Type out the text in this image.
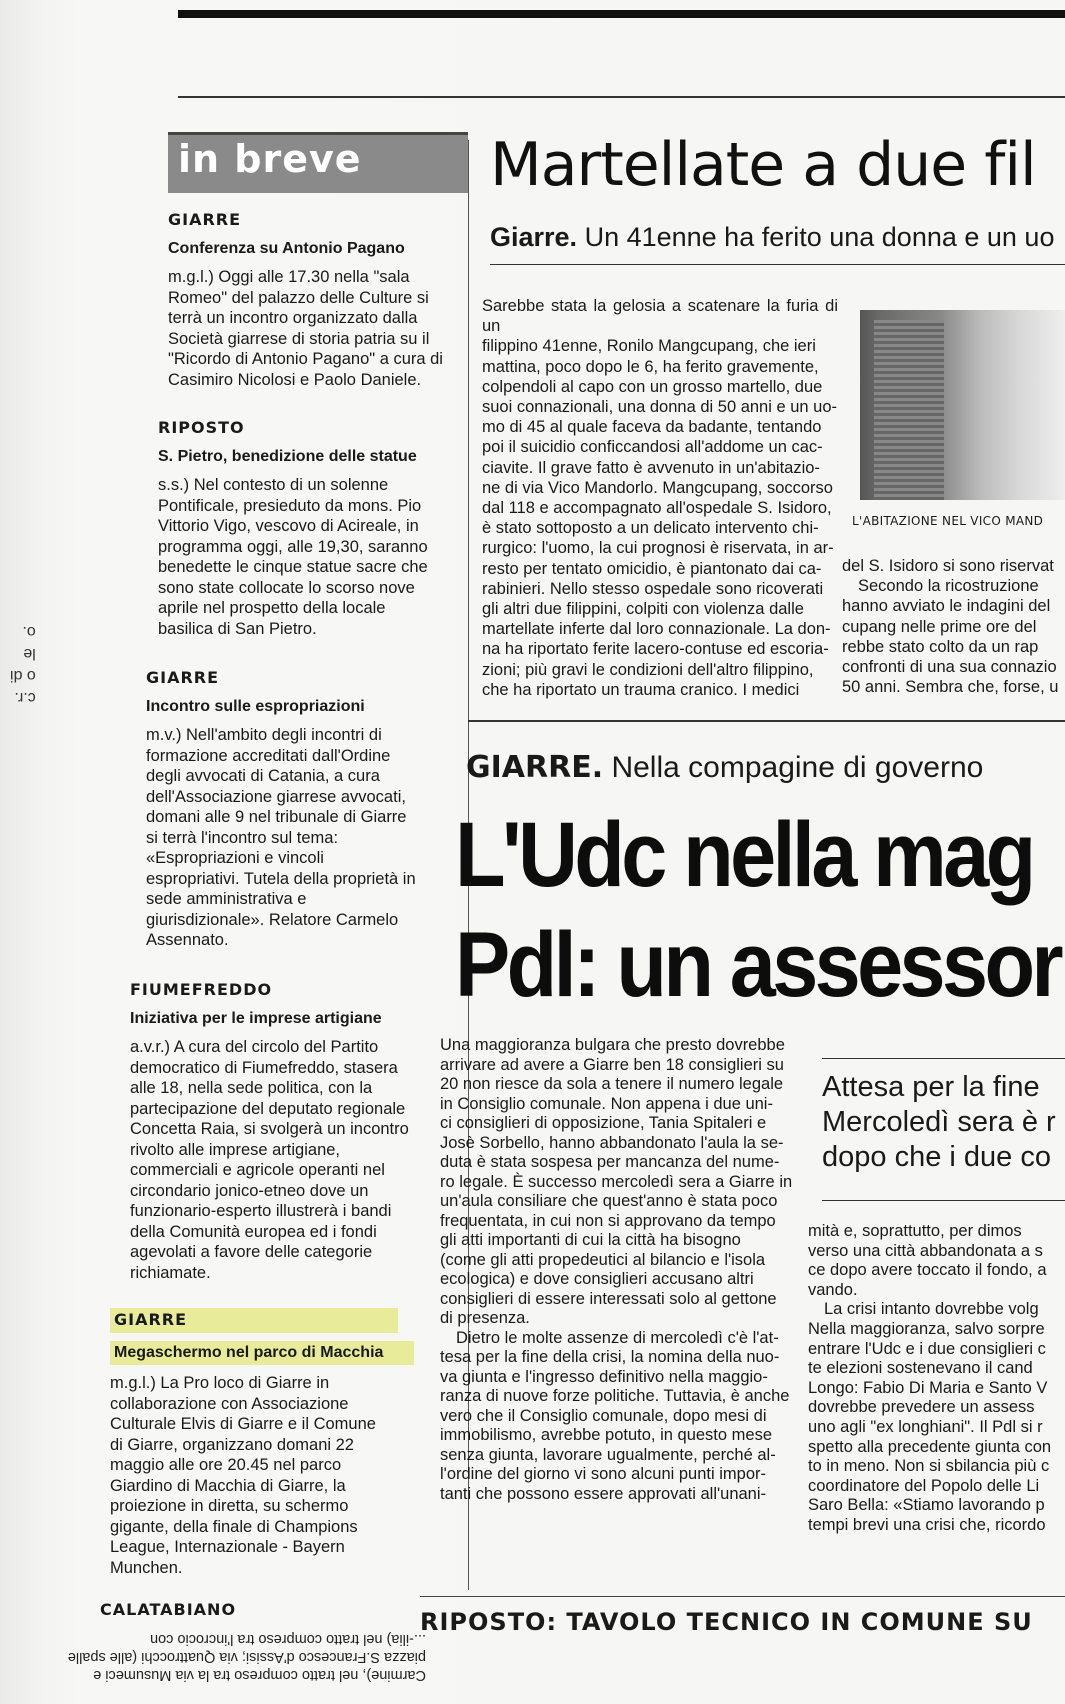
in breve
GIARRE
Conferenza su Antonio Pagano

m.g.l.) Oggi alle 17.30 nella "sala

Romeo" del palazzo delle Culture si

terrà un incontro organizzato dalla

Società giarrese di storia patria su il

"Ricordo di Antonio Pagano" a cura di

Casimiro Nicolosi e Paolo Daniele.

RIPOSTO
S. Pietro, benedizione delle statue

s.s.) Nel contesto di un solenne

Pontificale, presieduto da mons. Pio

Vittorio Vigo, vescovo di Acireale, in

programma oggi, alle 19,30, saranno

benedette le cinque statue sacre che

sono state collocate lo scorso nove

aprile nel prospetto della locale

basilica di San Pietro.

GIARRE
Incontro sulle espropriazioni

m.v.) Nell'ambito degli incontri di

formazione accreditati dall'Ordine

degli avvocati di Catania, a cura

dell'Associazione giarrese avvocati,

domani alle 9 nel tribunale di Giarre

si terrà l'incontro sul tema:

«Espropriazioni e vincoli

espropriativi. Tutela della proprietà in

sede amministrativa e

giurisdizionale». Relatore Carmelo

Assennato.

FIUMEFREDDO
Iniziativa per le imprese artigiane

a.v.r.) A cura del circolo del Partito

democratico di Fiumefreddo, stasera

alle 18, nella sede politica, con la

partecipazione del deputato regionale

Concetta Raia, si svolgerà un incontro

rivolto alle imprese artigiane,

commerciali e agricole operanti nel

circondario jonico-etneo dove un

funzionario-esperto illustrerà i bandi

della Comunità europea ed i fondi

agevolati a favore delle categorie

richiamate.

GIARRE
Megaschermo nel parco di Macchia

m.g.l.) La Pro loco di Giarre in

collaborazione con Associazione

Culturale Elvis di Giarre e il Comune

di Giarre, organizzano domani 22

maggio alle ore 20.45 nel parco

Giardino di Macchia di Giarre, la

proiezione in diretta, su schermo

gigante, della finale di Champions

League, Internazionale - Bayern

Munchen.

CALATABIANO
Martellate a due fil
Giarre. Un 41enne ha ferito una donna e un uo
Sarebbe stata la gelosia a scatenare la furia di un
filippino 41enne, Ronilo Mangcupang, che ieri
mattina, poco dopo le 6, ha ferito gravemente,
colpendoli al capo con un grosso martello, due
suoi connazionali, una donna di 50 anni e un uo-
mo di 45 al quale faceva da badante, tentando
poi il suicidio conficcandosi all'addome un cac-
ciavite. Il grave fatto è avvenuto in un'abitazio-
ne di via Vico Mandorlo. Mangcupang, soccorso
dal 118 e accompagnato all'ospedale S. Isidoro,
è stato sottoposto a un delicato intervento chi-
rurgico: l'uomo, la cui prognosi è riservata, in ar-
resto per tentato omicidio, è piantonato dai ca-
rabinieri. Nello stesso ospedale sono ricoverati
gli altri due filippini, colpiti con violenza dalle
martellate inferte dal loro connazionale. La don-
na ha riportato ferite lacero-contuse ed escoria-
zioni; più gravi le condizioni dell'altro filippino,
che ha riportato un trauma cranico. I medici
L'ABITAZIONE NEL VICO MAND
del S. Isidoro si sono riservat
Secondo la ricostruzione
hanno avviato le indagini del
cupang nelle prime ore del
rebbe stato colto da un rap
confronti di una sua connazio
50 anni. Sembra che, forse, u
GIARRE. Nella compagine di governo
L'Udc nella mag
Pdl: un assessor
Una maggioranza bulgara che presto dovrebbe
arrivare ad avere a Giarre ben 18 consiglieri su
20 non riesce da sola a tenere il numero legale
in Consiglio comunale. Non appena i due uni-
ci consiglieri di opposizione, Tania Spitaleri e
Josè Sorbello, hanno abbandonato l'aula la se-
duta è stata sospesa per mancanza del nume-
ro legale. È successo mercoledì sera a Giarre in
un'aula consiliare che quest'anno è stata poco
frequentata, in cui non si approvano da tempo
gli atti importanti di cui la città ha bisogno
(come gli atti propedeutici al bilancio e l'isola
ecologica) e dove consiglieri accusano altri
consiglieri di essere interessati solo al gettone
di presenza.
Dietro le molte assenze di mercoledì c'è l'at-
tesa per la fine della crisi, la nomina della nuo-
va giunta e l'ingresso definitivo nella maggio-
ranza di nuove forze politiche. Tuttavia, è anche
vero che il Consiglio comunale, dopo mesi di
immobilismo, avrebbe potuto, in questo mese
senza giunta, lavorare ugualmente, perché al-
l'ordine del giorno vi sono alcuni punti impor-
tanti che possono essere approvati all'unani-
Attesa per la fine
Mercoledì sera è r
dopo che i due co
mità e, soprattutto, per dimos
verso una città abbandonata a s
ce dopo avere toccato il fondo, a
vando.
La crisi intanto dovrebbe volg
Nella maggioranza, salvo sorpre
entrare l'Udc e i due consiglieri c
te elezioni sostenevano il cand
Longo: Fabio Di Maria e Santo V
dovrebbe prevedere un assess
uno agli "ex longhiani". Il Pdl si r
spetto alla precedente giunta con
to in meno. Non si sbilancia più c
coordinatore del Popolo delle Li
Saro Bella: «Stiamo lavorando p
tempi brevi una crisi che, ricordo
RIPOSTO: TAVOLO TECNICO IN COMUNE SU
Carmine), nel tratto compreso tra la via Musumeci e
piazza S.Francesco d'Assisi; via Quattrocchi (alle spalle
...-ilia) nel tratto compreso tra l'incrocio con
c.r.
o di
le
o.
